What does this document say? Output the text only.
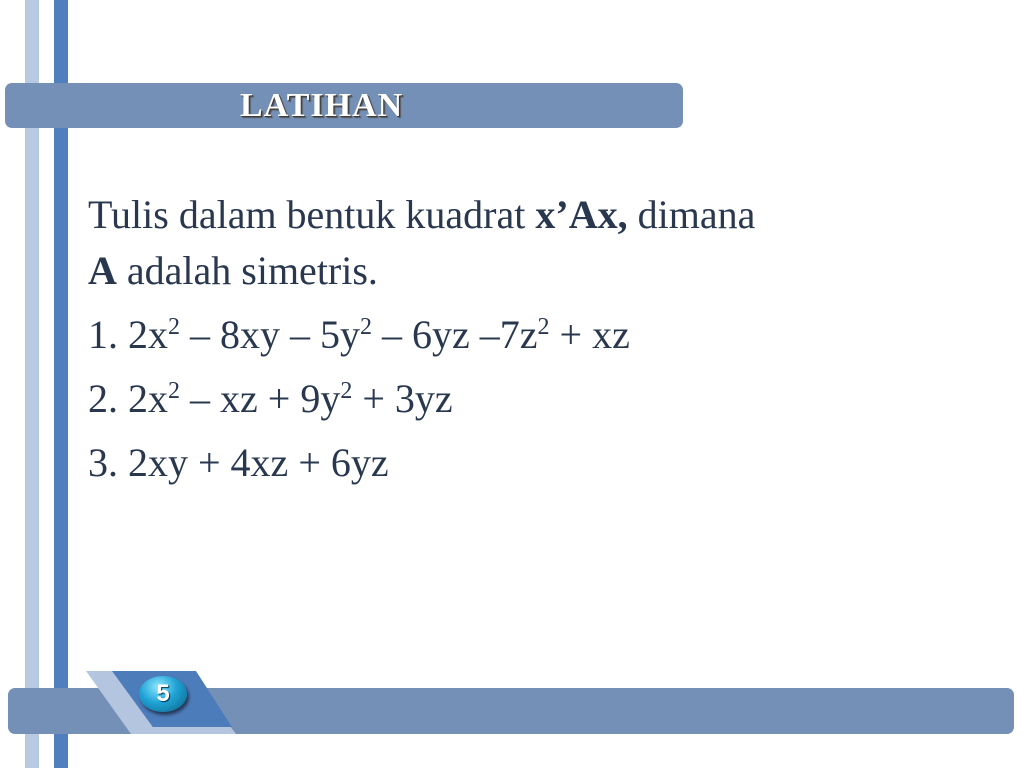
LATIHAN

Tulis dalam bentuk kuadrat x’Ax, dimana

A adalah simetris.

1. $2x^2 - 8xy - 5y^2 - 6yz$ $-7z^2$ + xz

2. $2x^2$ – xz + $9y^2 + 3yz$

3. 2xy + 4xz + 6yz

5
